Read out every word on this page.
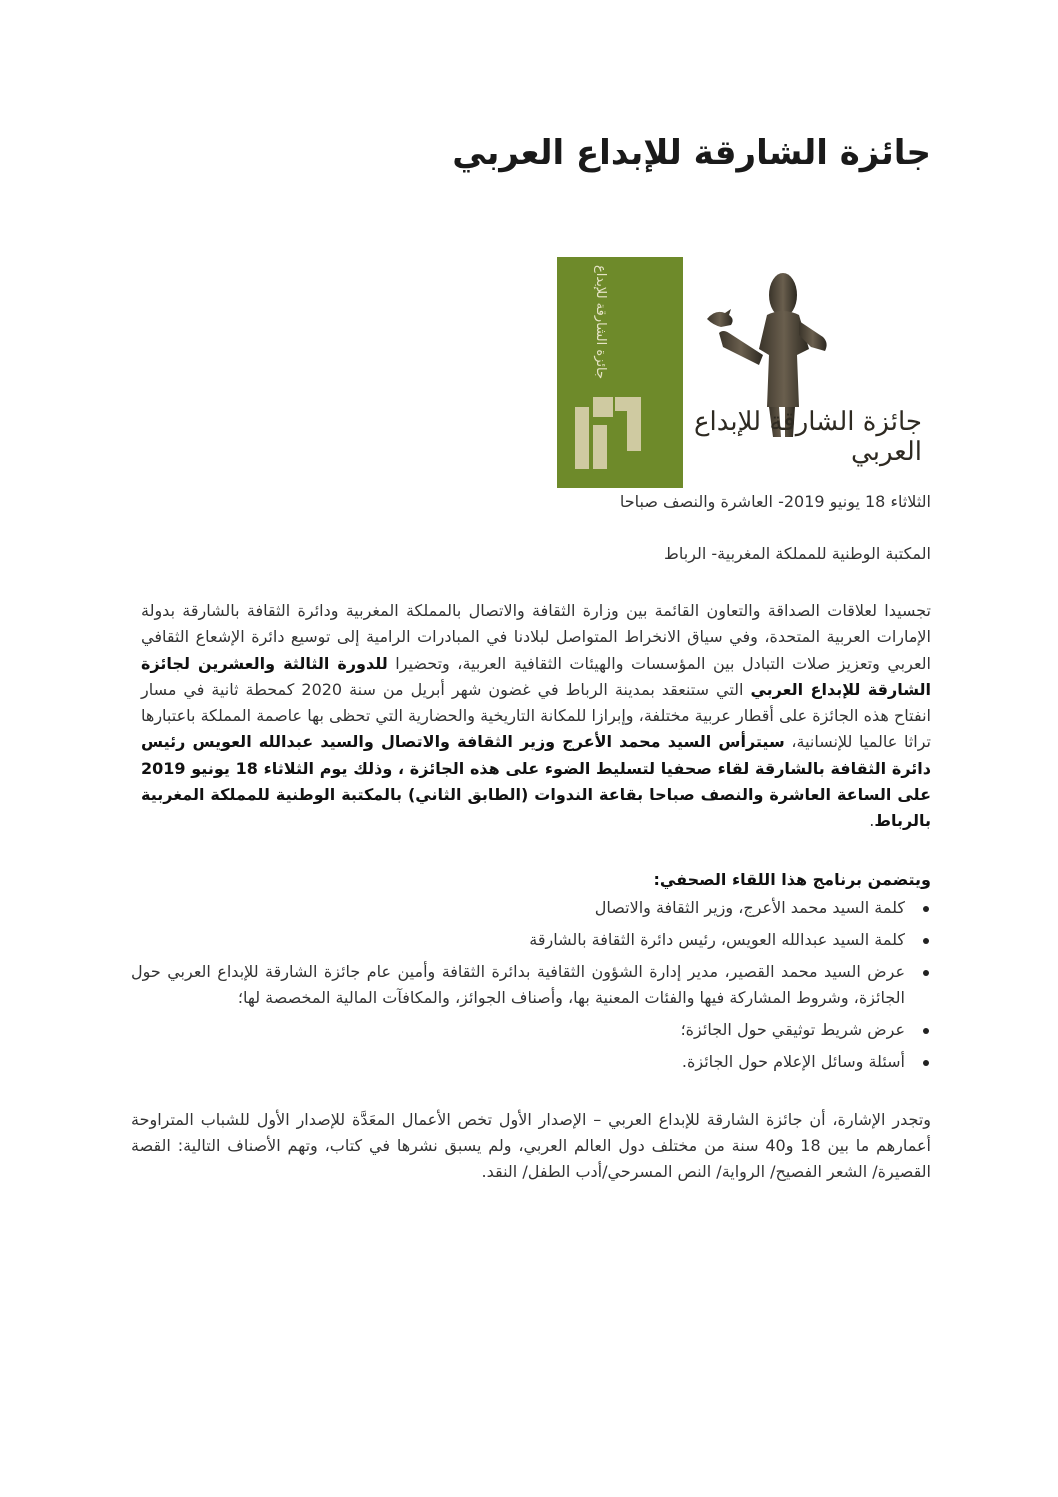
جائزة الشارقة للإبداع العربي
جائزة الشارقة للإبداع
جائزة الشارقة للإبداع العربي
الثلاثاء 18 يونيو 2019- العاشرة والنصف صباحا
المكتبة الوطنية للمملكة المغربية- الرباط
تجسيدا لعلاقات الصداقة والتعاون القائمة بين وزارة الثقافة والاتصال بالمملكة المغربية ودائرة الثقافة بالشارقة بدولة الإمارات العربية المتحدة، وفي سياق الانخراط المتواصل لبلادنا في المبادرات الرامية إلى توسيع دائرة الإشعاع الثقافي العربي وتعزيز صلات التبادل بين المؤسسات والهيئات الثقافية العربية، وتحضيرا للدورة الثالثة والعشرين لجائزة الشارقة للإبداع العربي التي ستنعقد بمدينة الرباط في غضون شهر أبريل من سنة 2020 كمحطة ثانية في مسار انفتاح هذه الجائزة على أقطار عربية مختلفة، وإبرازا للمكانة التاريخية والحضارية التي تحظى بها عاصمة المملكة باعتبارها تراثا عالميا للإنسانية، سيترأس السيد محمد الأعرج وزير الثقافة والاتصال والسيد عبدالله العويس رئيس دائرة الثقافة بالشارقة لقاء صحفيا لتسليط الضوء على هذه الجائزة ، وذلك يوم الثلاثاء 18 يونيو 2019 على الساعة العاشرة والنصف صباحا بقاعة الندوات (الطابق الثاني) بالمكتبة الوطنية للمملكة المغربية بالرباط.
ويتضمن برنامج هذا اللقاء الصحفي:
كلمة السيد محمد الأعرج، وزير الثقافة والاتصال
كلمة السيد عبدالله العويس، رئيس دائرة الثقافة بالشارقة
عرض السيد محمد القصير، مدير إدارة الشؤون الثقافية بدائرة الثقافة وأمين عام جائزة الشارقة للإبداع العربي حول الجائزة، وشروط المشاركة فيها والفئات المعنية بها، وأصناف الجوائز، والمكافآت المالية المخصصة لها؛
عرض شريط توثيقي حول الجائزة؛
أسئلة وسائل الإعلام حول الجائزة.
وتجدر الإشارة، أن جائزة الشارقة للإبداع العربي – الإصدار الأول تخص الأعمال المعَدَّة للإصدار الأول للشباب المتراوحة أعمارهم ما بين 18 و40 سنة من مختلف دول العالم العربي، ولم يسبق نشرها في كتاب، وتهم الأصناف التالية: القصة القصيرة/ الشعر الفصيح/ الرواية/ النص المسرحي/أدب الطفل/ النقد.
